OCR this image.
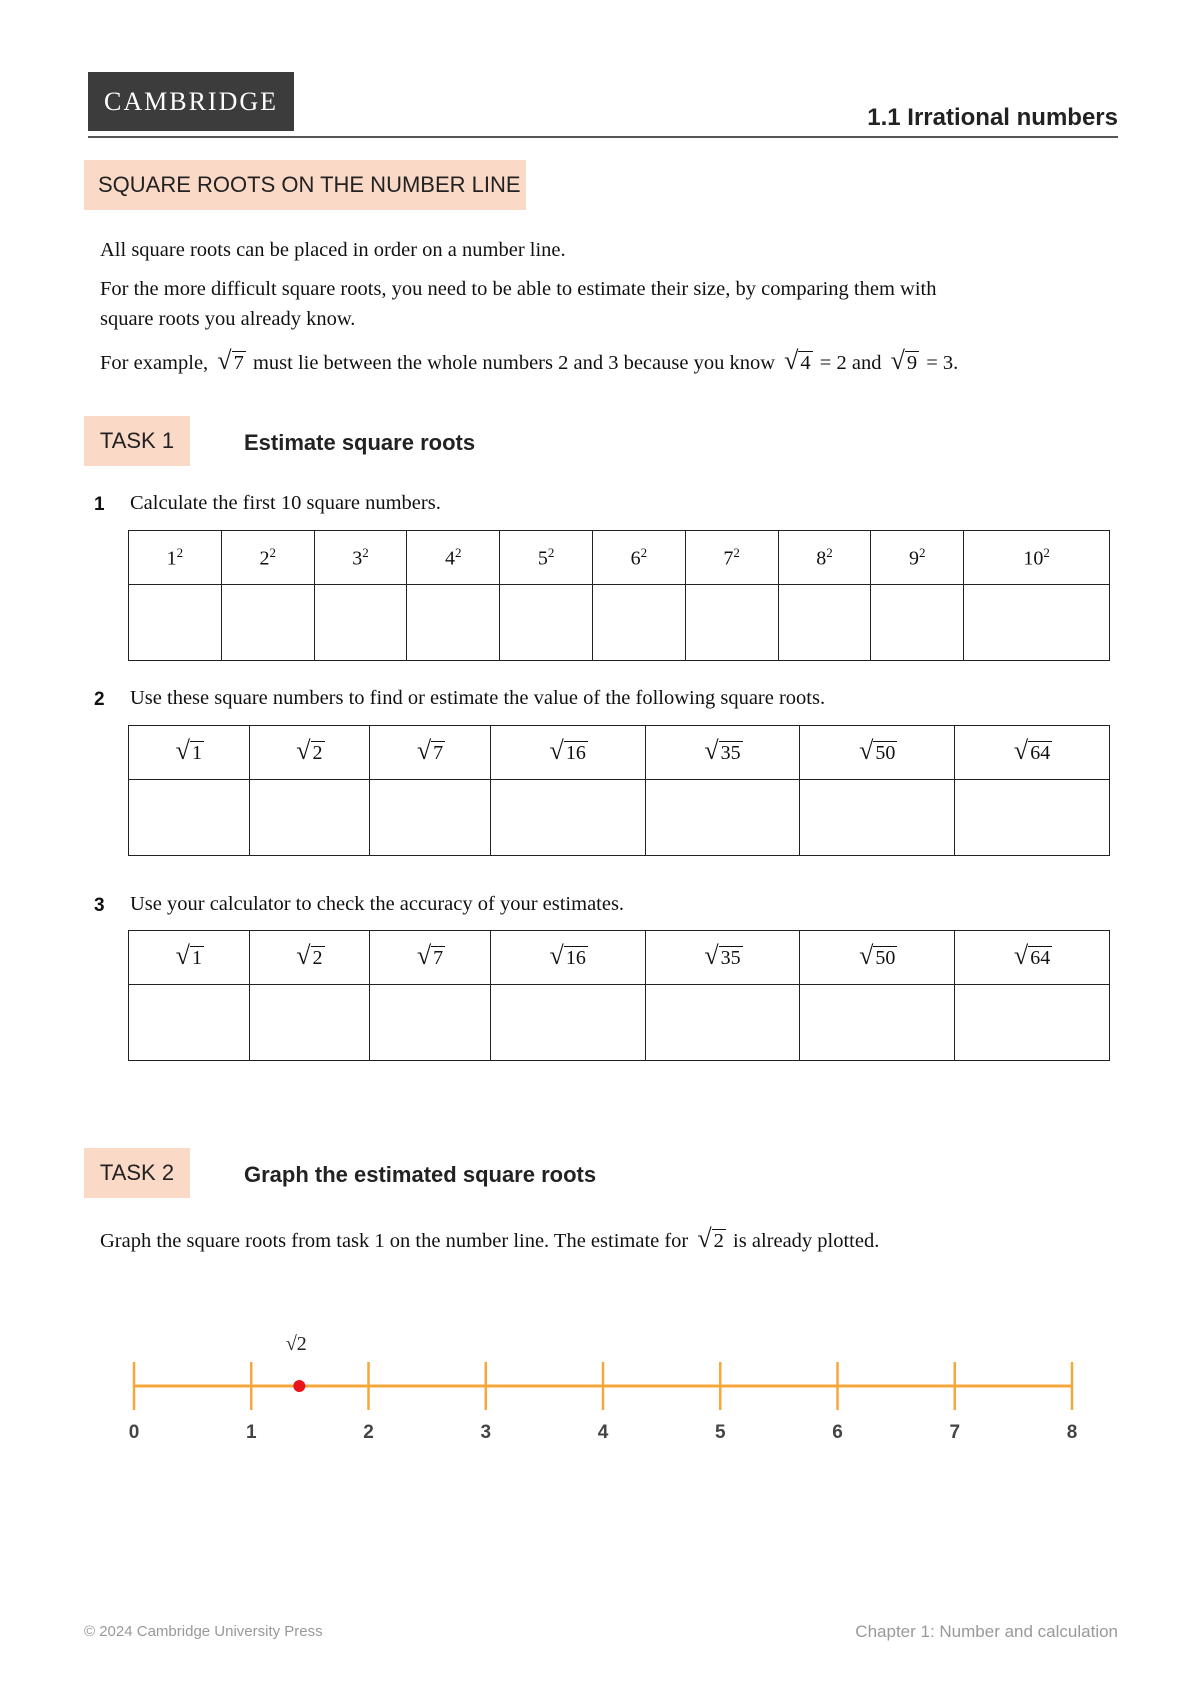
CAMBRIDGE
1.1 Irrational numbers
SQUARE ROOTS ON THE NUMBER LINE
All square roots can be placed in order on a number line.
For the more difficult square roots, you need to be able to estimate their size, by comparing them with
square roots you already know.
For example, √7 must lie between the whole numbers 2 and 3 because you know √4 = 2 and √9 = 3.
TASK 1	Estimate square roots
1 Calculate the first 10 square numbers.
$1^2$	$2^2$	$3^2$	$4^2$	$5^2$	$6^2$	$7^2$	$8^2$	$9^2$	$10^2$

2 Use these square numbers to find or estimate the value of the following square roots.
√ 1	√ 2	√ 7	√ 16	√ 35	√ 50	√ 64

3 Use your calculator to check the accuracy of your estimates.
√ 1	√ 2	√ 7	√ 16	√ 35	√ 50	√ 64

TASK 2	Graph the estimated square roots
Graph the square roots from task 1 on the number line. The estimate for √2 is already plotted.
0	1	2	3	4	5	6	7	8
√2
© 2024 Cambridge University Press	Chapter 1: Number and calculation
